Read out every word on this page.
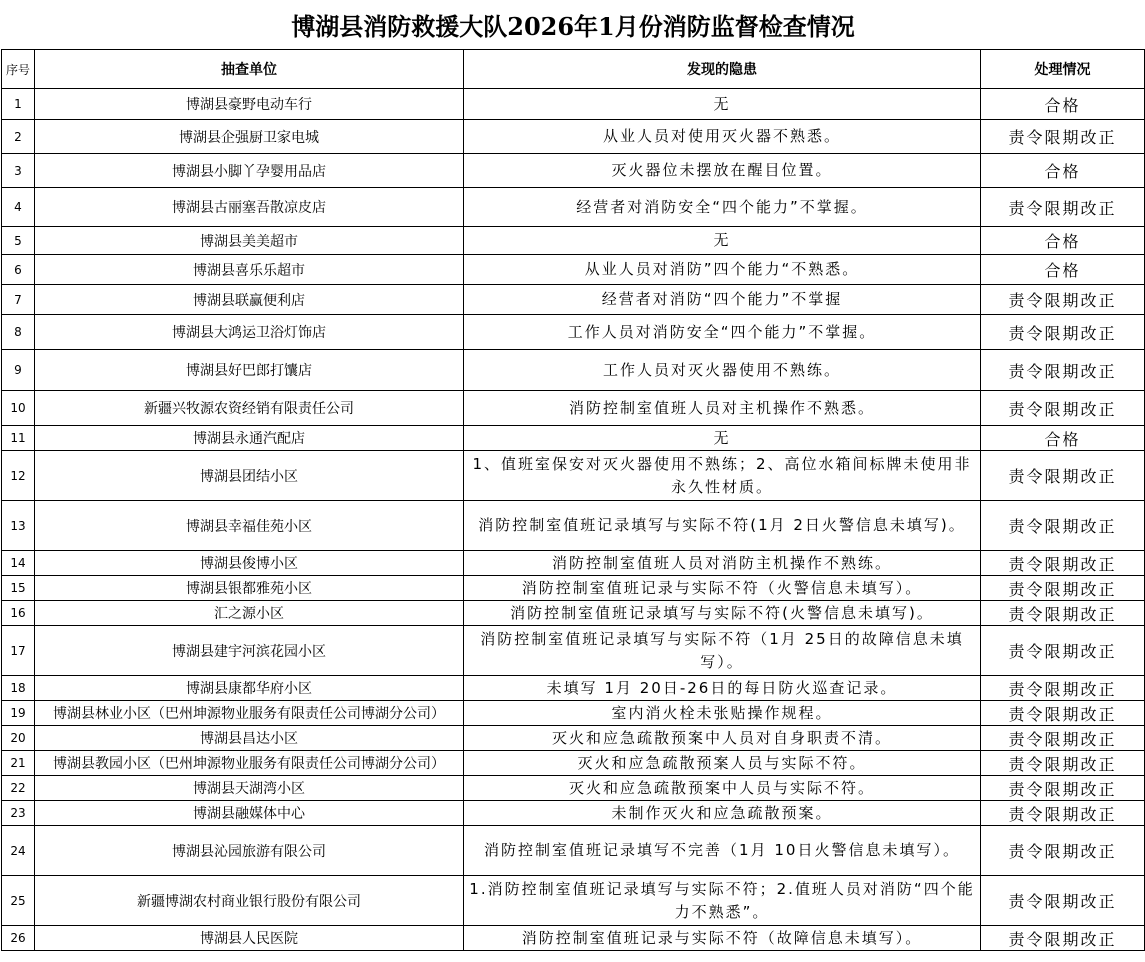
博湖县消防救援大队2026年1月份消防监督检查情况			
序号	抽查单位	发现的隐患	处理情况
1	博湖县豪野电动车行	无	合格
2	博湖县企强厨卫家电城	从业人员对使用灭火器不熟悉。	责令限期改正
3	博湖县小脚丫孕婴用品店	灭火器位未摆放在醒目位置。	合格
4	博湖县古丽塞吾散凉皮店	经营者对消防安全“四个能力”不掌握。	责令限期改正
5	博湖县美美超市	无	合格
6	博湖县喜乐乐超市	从业人员对消防”四个能力“不熟悉。	合格
7	博湖县联赢便利店	经营者对消防“四个能力”不掌握	责令限期改正
8	博湖县大鸿运卫浴灯饰店	工作人员对消防安全“四个能力”不掌握。	责令限期改正
9	博湖县好巴郎打馕店	工作人员对灭火器使用不熟练。	责令限期改正
10	新疆兴牧源农资经销有限责任公司	消防控制室值班人员对主机操作不熟悉。	责令限期改正
11	博湖县永通汽配店	无	合格
12	博湖县团结小区	1、值班室保安对灭火器使用不熟练；2、高位水箱间标牌未使用非永久性材质。	责令限期改正
13	博湖县幸福佳苑小区	消防控制室值班记录填写与实际不符(1月 2日火警信息未填写)。	责令限期改正
14	博湖县俊博小区	消防控制室值班人员对消防主机操作不熟练。	责令限期改正
15	博湖县银都雅苑小区	消防控制室值班记录与实际不符（火警信息未填写）。	责令限期改正
16	汇之源小区	消防控制室值班记录填写与实际不符(火警信息未填写)。	责令限期改正
17	博湖县建宇河滨花园小区	消防控制室值班记录填写与实际不符（1月 25日的故障信息未填写）。	责令限期改正
18	博湖县康都华府小区	未填写 1月 20日-26日的每日防火巡查记录。	责令限期改正
19	博湖县林业小区（巴州坤源物业服务有限责任公司博湖分公司）	室内消火栓未张贴操作规程。	责令限期改正
20	博湖县昌达小区	灭火和应急疏散预案中人员对自身职责不清。	责令限期改正
21	博湖县教园小区（巴州坤源物业服务有限责任公司博湖分公司）	灭火和应急疏散预案人员与实际不符。	责令限期改正
22	博湖县天湖湾小区	灭火和应急疏散预案中人员与实际不符。	责令限期改正
23	博湖县融媒体中心	未制作灭火和应急疏散预案。	责令限期改正
24	博湖县沁园旅游有限公司	消防控制室值班记录填写不完善（1月 10日火警信息未填写）。	责令限期改正
25	新疆博湖农村商业银行股份有限公司	1.消防控制室值班记录填写与实际不符；2.值班人员对消防“四个能力不熟悉”。	责令限期改正
26	博湖县人民医院	消防控制室值班记录与实际不符（故障信息未填写）。	责令限期改正
